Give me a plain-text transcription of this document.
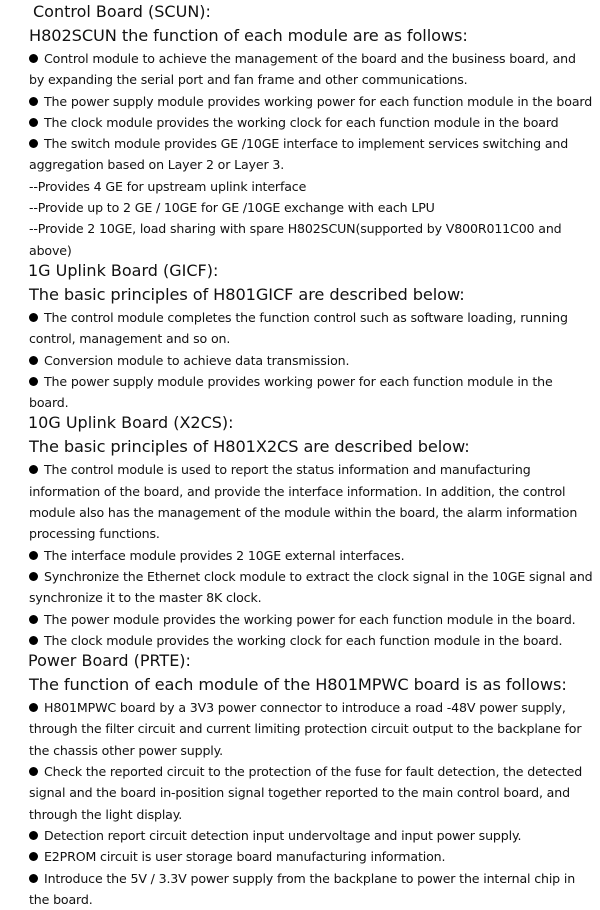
Control Board (SCUN):
H802SCUN the function of each module are as follows:

Control module to achieve the management of the board and the business board, and by expanding the serial port and fan frame and other communications.

The power supply module provides working power for each function module in the board

The clock module provides the working clock for each function module in the board

The switch module provides GE /10GE interface to implement services switching and aggregation based on Layer 2 or Layer 3.

--Provides 4 GE for upstream uplink interface

--Provide up to 2 GE / 10GE for GE /10GE exchange with each LPU

--Provide 2 10GE, load sharing with spare H802SCUN(supported by V800R011C00 and above)

1G Uplink Board (GICF):
The basic principles of H801GICF are described below:

The control module completes the function control such as software loading, running control, management and so on.

Conversion module to achieve data transmission.

The power supply module provides working power for each function module in the board.

10G Uplink Board (X2CS):
The basic principles of H801X2CS are described below:

The control module is used to report the status information and manufacturing information of the board, and provide the interface information. In addition, the control module also has the management of the module within the board, the alarm information processing functions.

The interface module provides 2 10GE external interfaces.

Synchronize the Ethernet clock module to extract the clock signal in the 10GE signal and synchronize it to the master 8K clock.

The power module provides the working power for each function module in the board.

The clock module provides the working clock for each function module in the board.

Power Board (PRTE):
The function of each module of the H801MPWC board is as follows:

H801MPWC board by a 3V3 power connector to introduce a road -48V power supply, through the filter circuit and current limiting protection circuit output to the backplane for the chassis other power supply.

Check the reported circuit to the protection of the fuse for fault detection, the detected signal and the board in-position signal together reported to the main control board, and through the light display.

Detection report circuit detection input undervoltage and input power supply.

E2PROM circuit is user storage board manufacturing information.

Introduce the 5V / 3.3V power supply from the backplane to power the internal chip in the board.
